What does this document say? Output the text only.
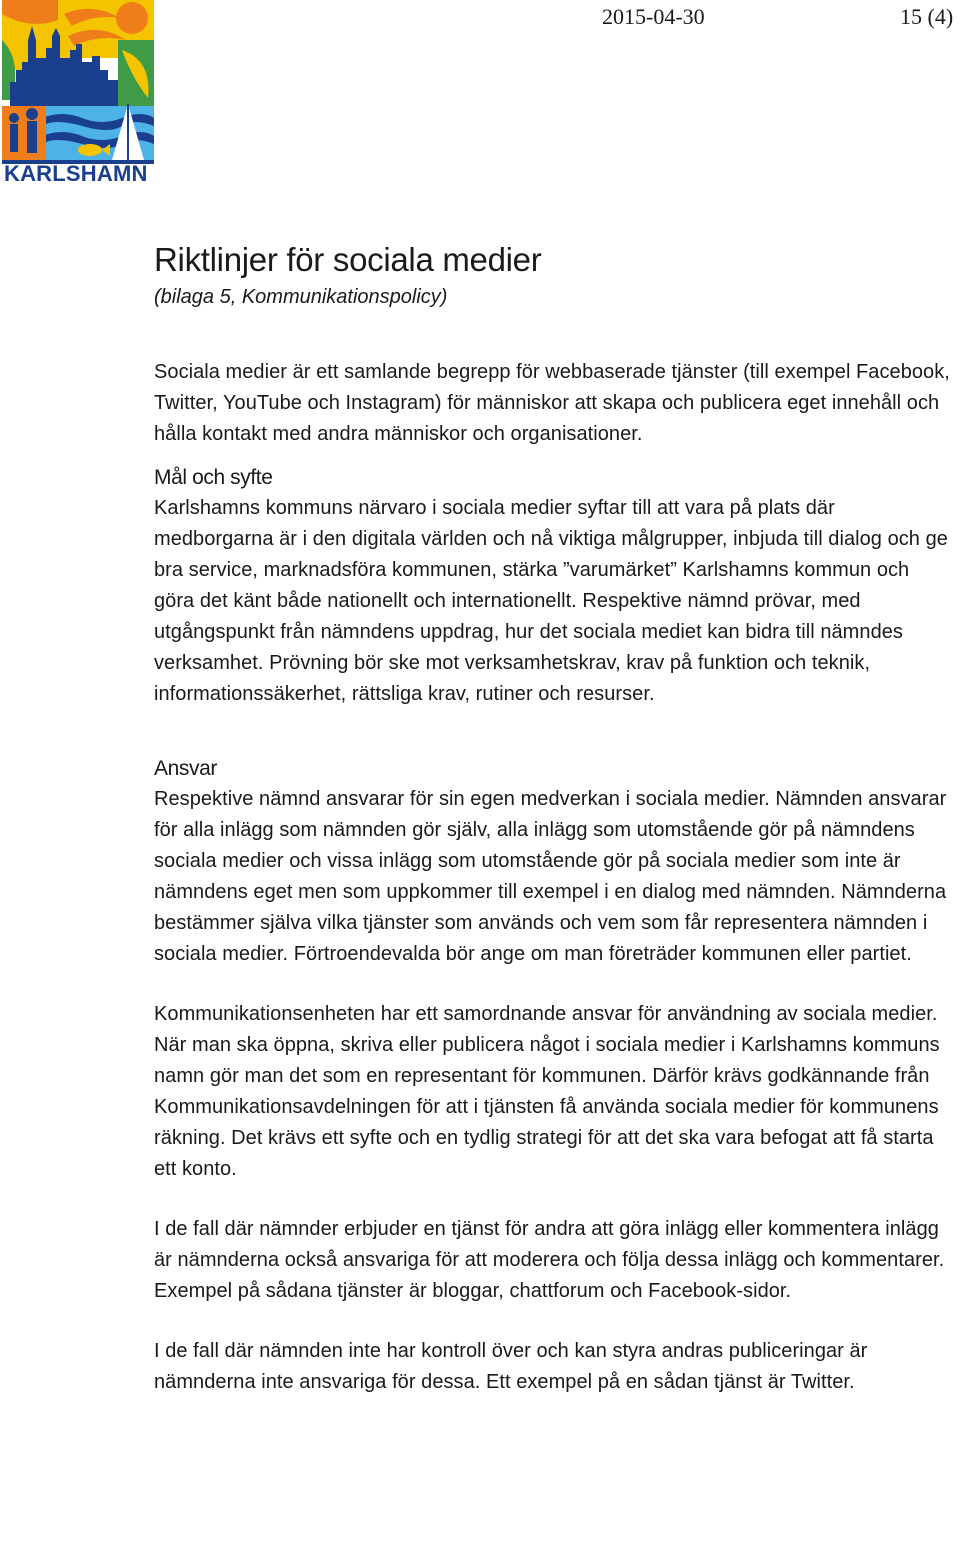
KARLSHAMN
2015-04-30	15 (4)
Riktlinjer för sociala medier
(bilaga 5, Kommunikationspolicy)

Sociala medier är ett samlande begrepp för webbaserade tjänster (till exempel Facebook, Twitter, YouTube och Instagram) för människor att skapa och publicera eget innehåll och hålla kontakt med andra människor och organisationer.

Mål och syfte

Karlshamns kommuns närvaro i sociala medier syftar till att vara på plats där medborgarna är i den digitala världen och nå viktiga målgrupper, inbjuda till dialog och ge bra service, marknadsföra kommunen, stärka ”varumärket” Karlshamns kommun och göra det känt både nationellt och internationellt. Respektive nämnd prövar, med utgångspunkt från nämndens uppdrag, hur det sociala mediet kan bidra till nämndes verksamhet. Prövning bör ske mot verksamhetskrav, krav på funktion och teknik, informationssäkerhet, rättsliga krav, rutiner och resurser.

Ansvar

Respektive nämnd ansvarar för sin egen medverkan i sociala medier. Nämnden ansvarar för alla inlägg som nämnden gör själv, alla inlägg som utomstående gör på nämndens sociala medier och vissa inlägg som utomstående gör på sociala medier som inte är nämndens eget men som uppkommer till exempel i en dialog med nämnden. Nämnderna bestämmer själva vilka tjänster som används och vem som får representera nämnden i sociala medier. Förtroendevalda bör ange om man företräder kommunen eller partiet.

Kommunikationsenheten har ett samordnande ansvar för användning av sociala medier. När man ska öppna, skriva eller publicera något i sociala medier i Karlshamns kommuns namn gör man det som en representant för kommunen. Därför krävs godkännande från Kommunikationsavdelningen för att i tjänsten få använda sociala medier för kommunens räkning. Det krävs ett syfte och en tydlig strategi för att det ska vara befogat att få starta ett konto.

I de fall där nämnder erbjuder en tjänst för andra att göra inlägg eller kommentera inlägg är nämnderna också ansvariga för att moderera och följa dessa inlägg och kommentarer. Exempel på sådana tjänster är bloggar, chattforum och Facebook-sidor.

I de fall där nämnden inte har kontroll över och kan styra andras publiceringar är nämnderna inte ansvariga för dessa. Ett exempel på en sådan tjänst är Twitter.
